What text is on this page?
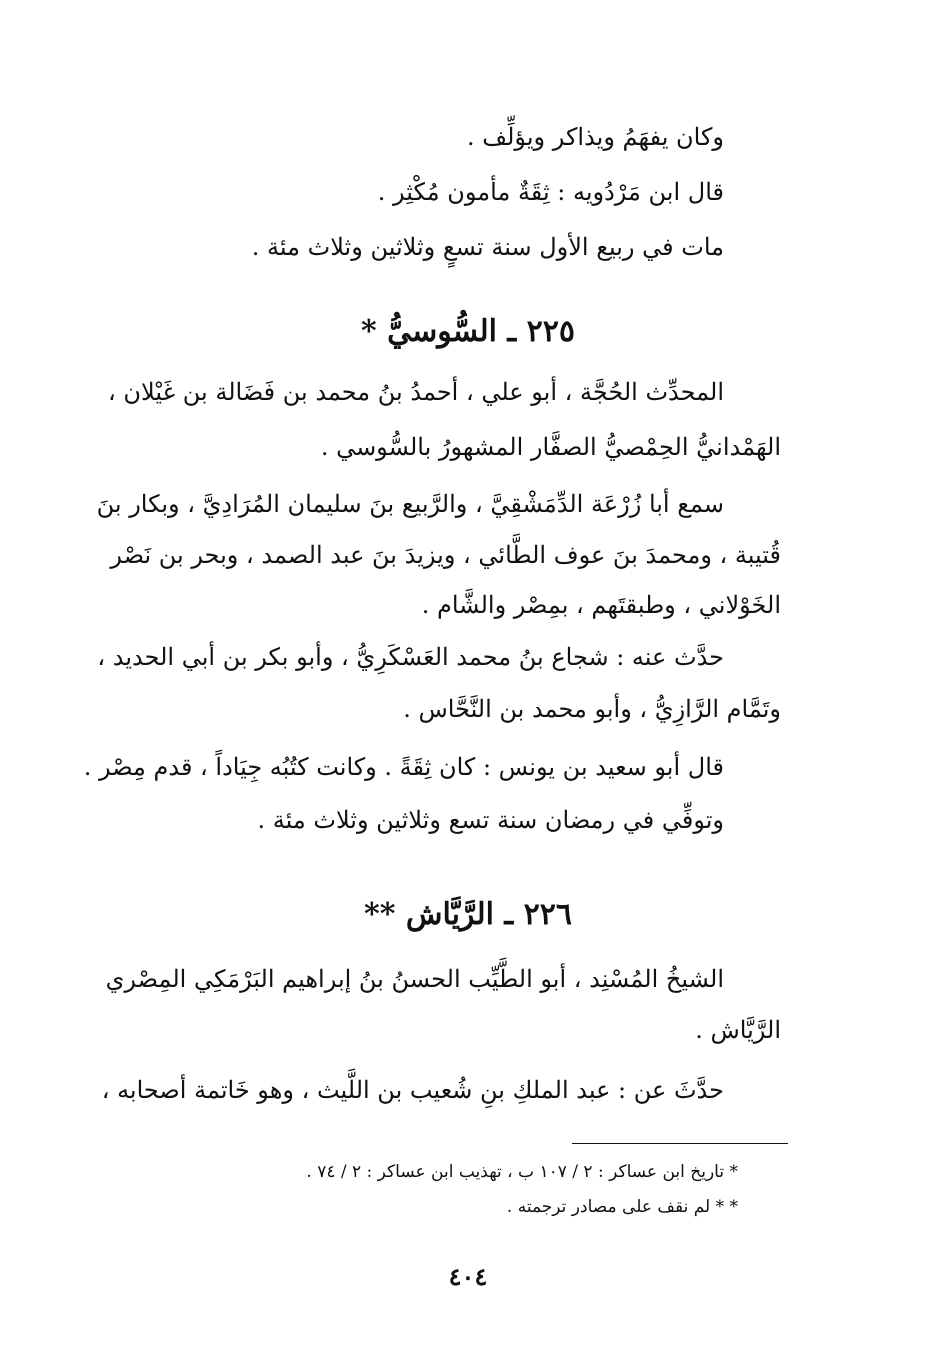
وكان يفهَمُ ويذاكر ويؤلِّف .
قال ابن مَرْدُويه : ثِقَةٌ مأمون مُكْثِر .
مات في ربيع الأول سنة تسعٍ وثلاثين وثلاث مئة .
٢٢٥ ـ السُّوسيُّ *
المحدِّث الحُجَّة ، أبو علي ، أحمدُ بنُ محمد بن فَضَالة بن غَيْلان ،
الهَمْدانيُّ الحِمْصيُّ الصفَّار المشهورُ بالسُّوسي .
سمع أبا زُرْعَة الدِّمَشْقِيَّ ، والرَّبيع بنَ سليمان المُرَادِيَّ ، وبكار بنَ
قُتيبة ، ومحمدَ بنَ عوف الطَّائي ، ويزيدَ بنَ عبد الصمد ، وبحر بن نَصْر
الخَوْلاني ، وطبقتَهم ، بمِصْر والشَّام .
حدَّث عنه : شجاع بنُ محمد العَسْكَرِيُّ ، وأبو بكر بن أبي الحديد ،
وتَمَّام الرَّازِيُّ ، وأبو محمد بن النَّحَّاس .
قال أبو سعيد بن يونس : كان ثِقَةً . وكانت كتُبُه جِيَاداً ، قدم مِصْر .
وتوفِّي في رمضان سنة تسع وثلاثين وثلاث مئة .
٢٢٦ ـ الرَّيَّاش **
الشيخُ المُسْنِد ، أبو الطَّيِّب الحسنُ بنُ إبراهيم البَرْمَكِي المِصْري
الرَّيَّاش .
حدَّثَ عن : عبد الملكِ بنِ شُعيب بن اللَّيث ، وهو خَاتمة أصحابه ،
* تاريخ ابن عساكر : ٢ / ١٠٧ ب ، تهذيب ابن عساكر : ٢ / ٧٤ .
* * لم نقف على مصادر ترجمته .
٤٠٤
